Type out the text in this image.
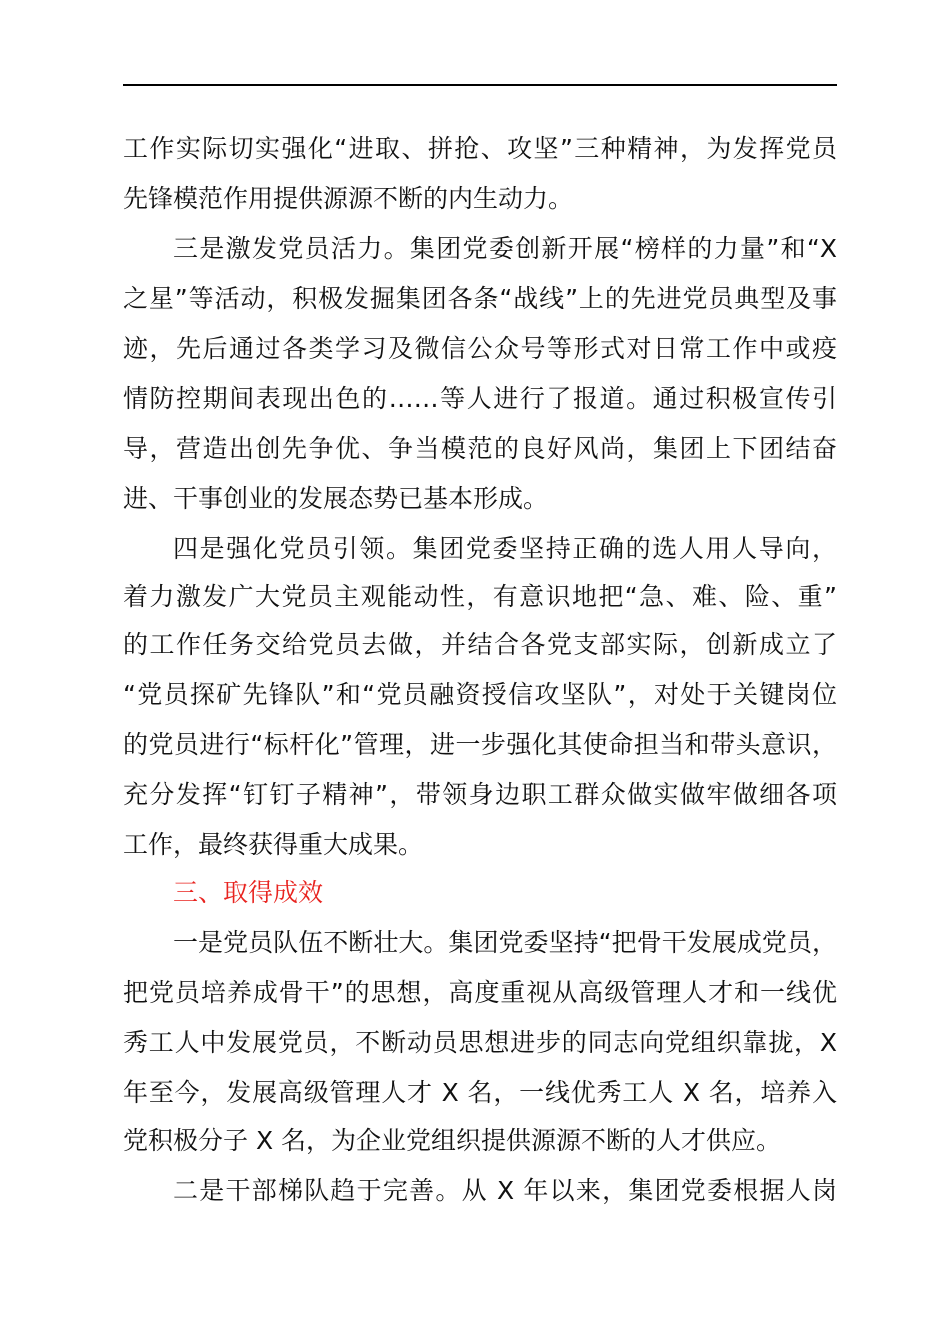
工作实际切实强化“进取、拼抢、攻坚”三种精神，为发挥党员
先锋模范作用提供源源不断的内生动力。
三是激发党员活力。集团党委创新开展“榜样的力量”和“X
之星”等活动，积极发掘集团各条“战线”上的先进党员典型及事
迹，先后通过各类学习及微信公众号等形式对日常工作中或疫
情防控期间表现出色的……等人进行了报道。通过积极宣传引
导，营造出创先争优、争当模范的良好风尚，集团上下团结奋
进、干事创业的发展态势已基本形成。
四是强化党员引领。集团党委坚持正确的选人用人导向，
着力激发广大党员主观能动性，有意识地把“急、难、险、重”
的工作任务交给党员去做，并结合各党支部实际，创新成立了
“党员探矿先锋队”和“党员融资授信攻坚队”，对处于关键岗位
的党员进行“标杆化”管理，进一步强化其使命担当和带头意识，
充分发挥“钉钉子精神”，带领身边职工群众做实做牢做细各项
工作，最终获得重大成果。
三、取得成效
一是党员队伍不断壮大。集团党委坚持“把骨干发展成党员，
把党员培养成骨干”的思想，高度重视从高级管理人才和一线优
秀工人中发展党员，不断动员思想进步的同志向党组织靠拢，X
年至今，发展高级管理人才 X 名，一线优秀工人 X 名，培养入
党积极分子 X 名，为企业党组织提供源源不断的人才供应。
二是干部梯队趋于完善。从 X 年以来，集团党委根据人岗
